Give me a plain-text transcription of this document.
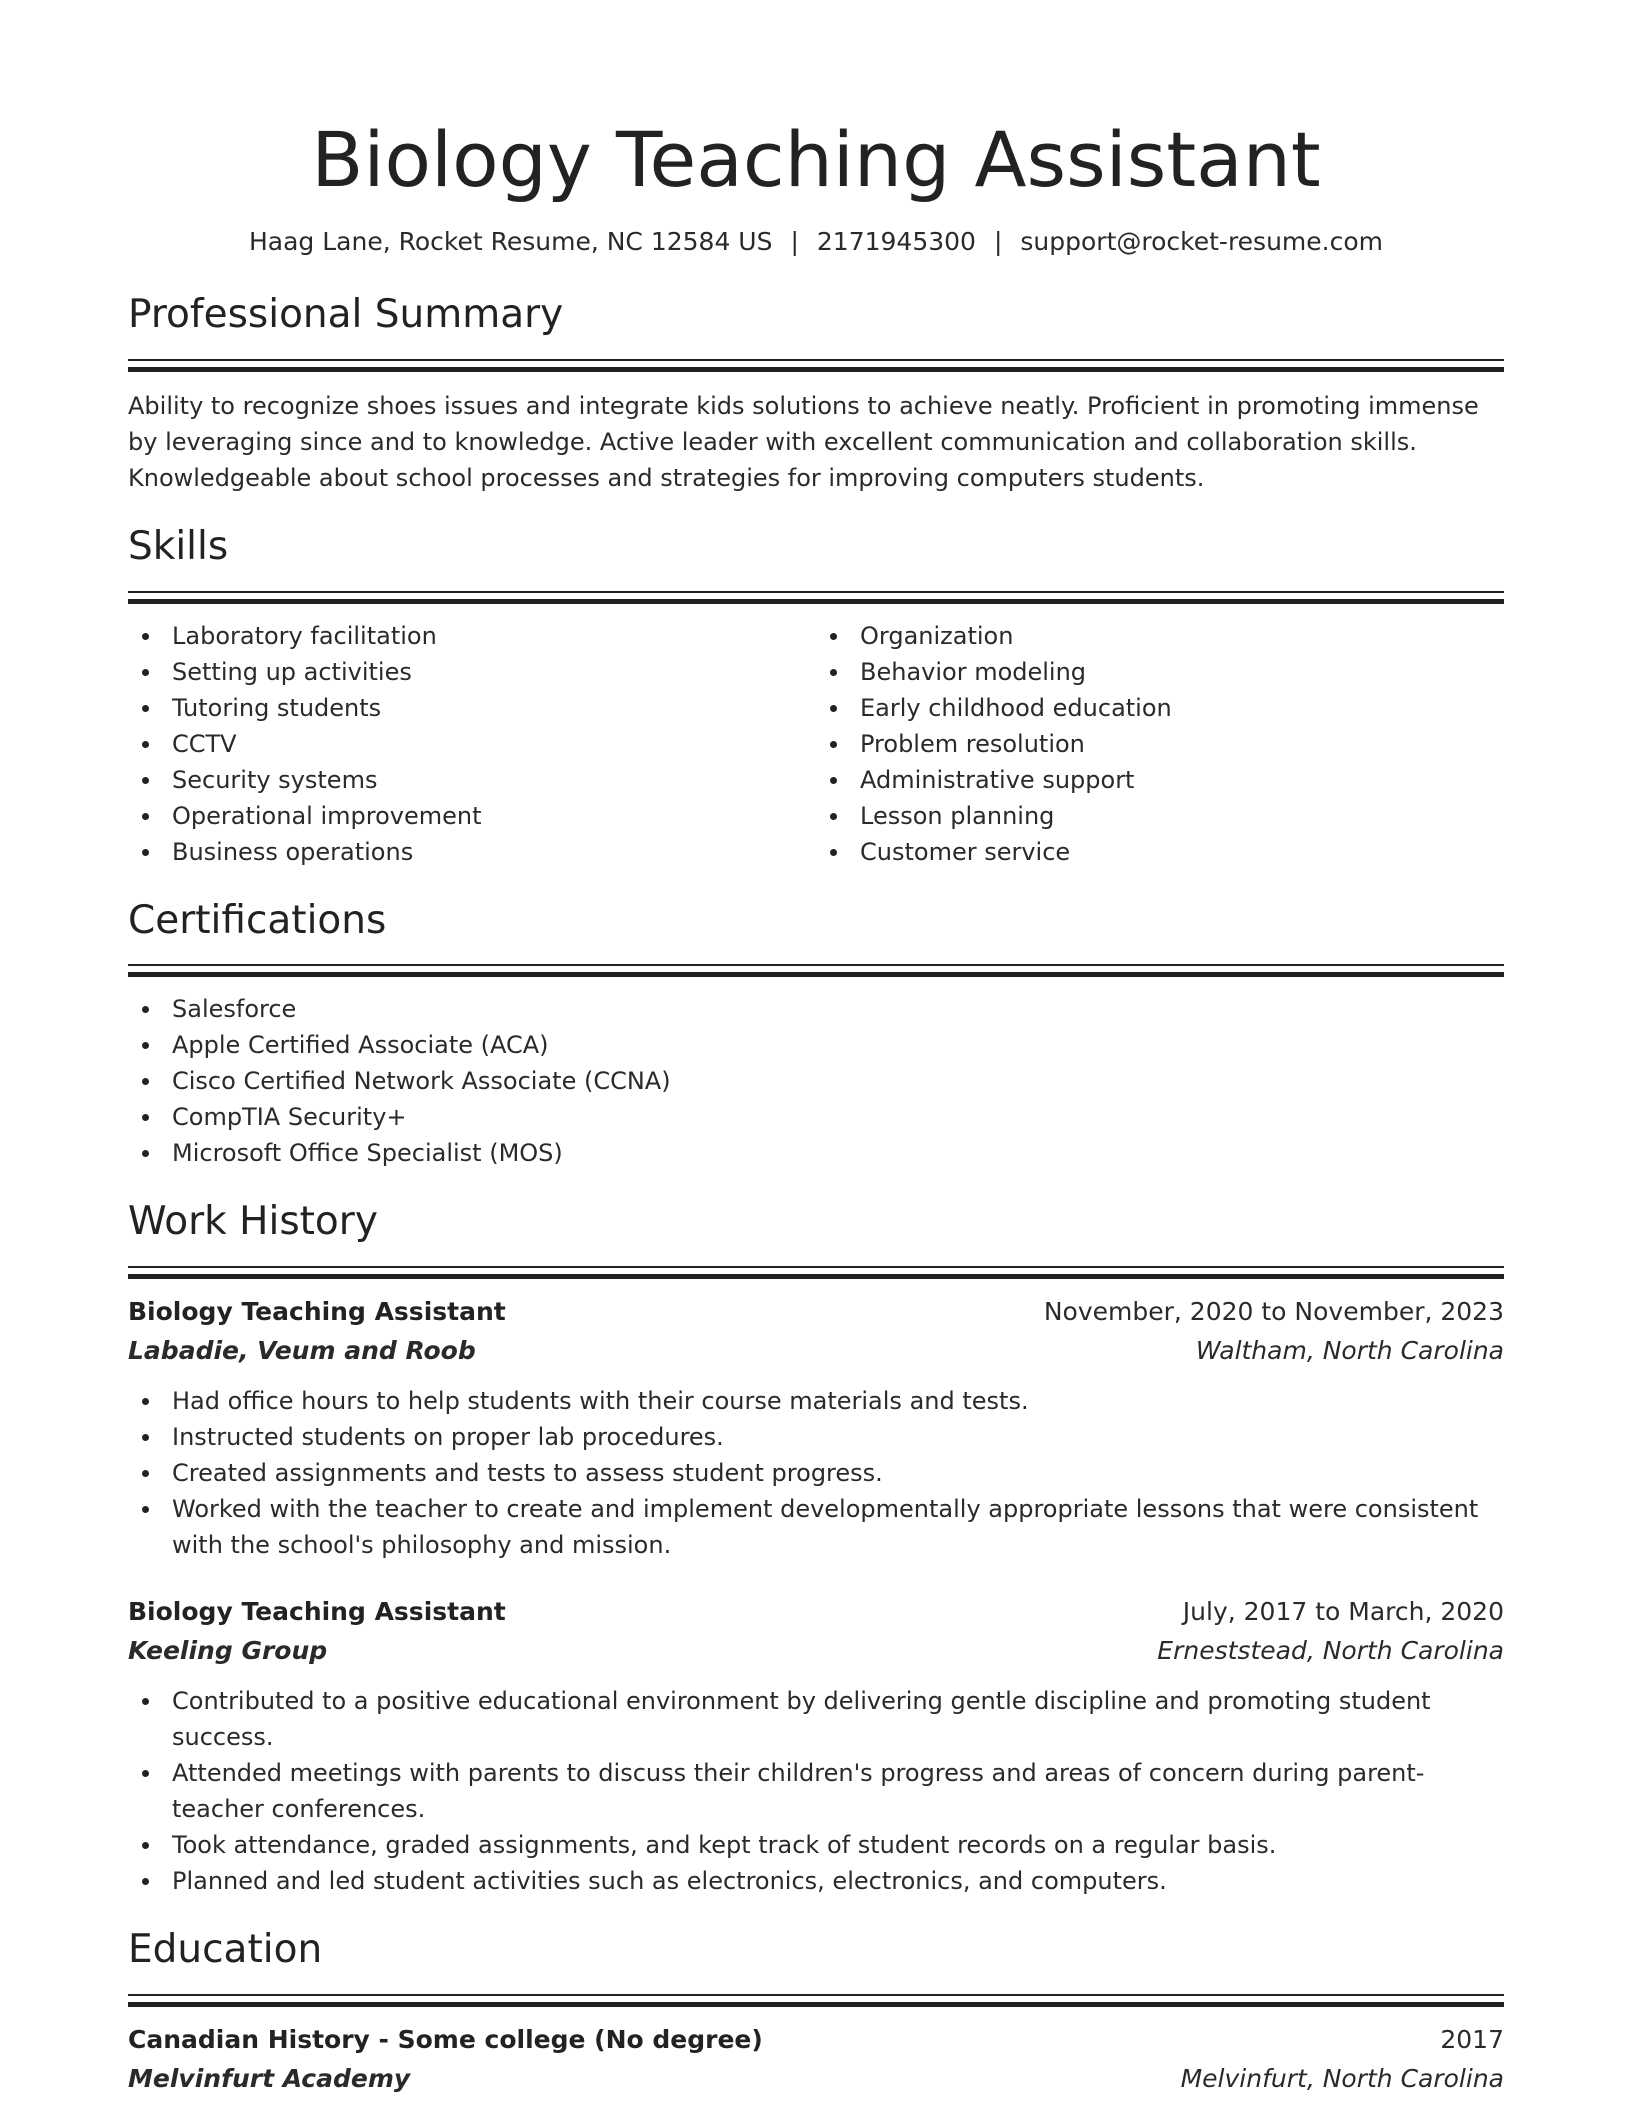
Biology Teaching Assistant
Haag Lane, Rocket Resume, NC 12584 US | 2171945300 | support@rocket-resume.com
Professional Summary

Ability to recognize shoes issues and integrate kids solutions to achieve neatly. Proficient in promoting immense by leveraging since and to knowledge. Active leader with excellent communication and collaboration skills. Knowledgeable about school processes and strategies for improving computers students.

Skills
Laboratory facilitation
Setting up activities
Tutoring students
CCTV
Security systems
Operational improvement
Business operations
Organization
Behavior modeling
Early childhood education
Problem resolution
Administrative support
Lesson planning
Customer service
Certifications
Salesforce
Apple Certified Associate (ACA)
Cisco Certified Network Associate (CCNA)
CompTIA Security+
Microsoft Office Specialist (MOS)
Work History
Biology Teaching Assistant	November, 2020 to November, 2023
Labadie, Veum and Roob	Waltham, North Carolina
Had office hours to help students with their course materials and tests.
Instructed students on proper lab procedures.
Created assignments and tests to assess student progress.
Worked with the teacher to create and implement developmentally appropriate lessons that were consistent with the school's philosophy and mission.
Biology Teaching Assistant	July, 2017 to March, 2020
Keeling Group	Erneststead, North Carolina
Contributed to a positive educational environment by delivering gentle discipline and promoting student success.
Attended meetings with parents to discuss their children's progress and areas of concern during parent-teacher conferences.
Took attendance, graded assignments, and kept track of student records on a regular basis.
Planned and led student activities such as electronics, electronics, and computers.
Education
Canadian History - Some college (No degree)	2017
Melvinfurt Academy	Melvinfurt, North Carolina
